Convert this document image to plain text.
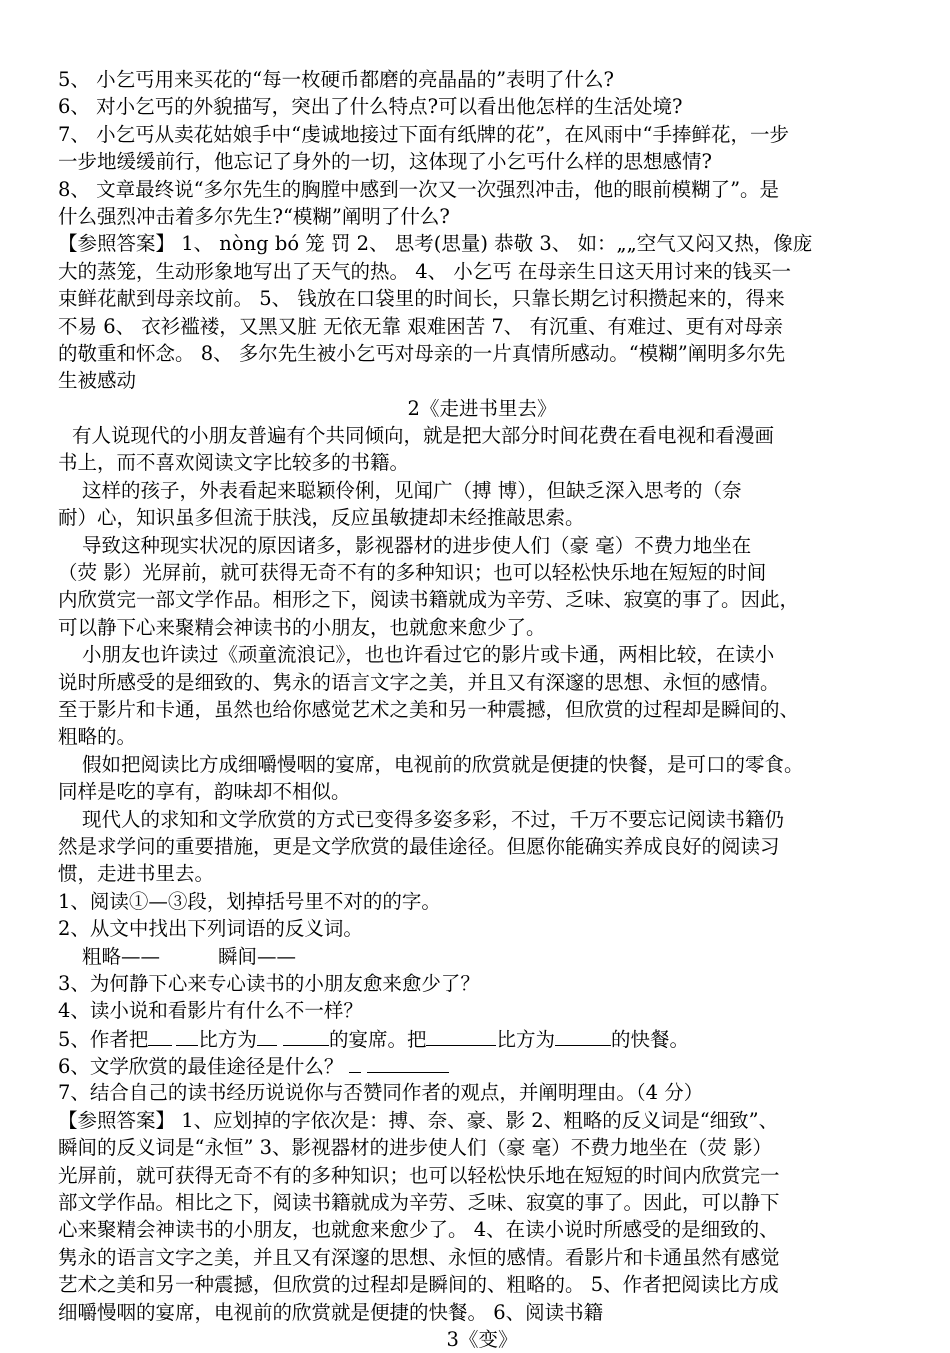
5、 小乞丐用来买花的“每一枚硬币都磨的亮晶晶的”表明了什么?
6、 对小乞丐的外貌描写，突出了什么特点?可以看出他怎样的生活处境?
7、 小乞丐从卖花姑娘手中“虔诚地接过下面有纸牌的花”，在风雨中“手捧鲜花，一步
一步地缓缓前行，他忘记了身外的一切，这体现了小乞丐什么样的思想感情?
8、 文章最终说“多尔先生的胸膛中感到一次又一次强烈冲击，他的眼前模糊了”。是
什么强烈冲击着多尔先生?“模糊”阐明了什么?
【参照答案】 1、 nòng bó 笼 罚 2、 思考(思量) 恭敬 3、 如：„„空气又闷又热，像庞
大的蒸笼，生动形象地写出了天气的热。 4、 小乞丐 在母亲生日这天用讨来的钱买一
束鲜花献到母亲坟前。 5、 钱放在口袋里的时间长，只靠长期乞讨积攒起来的，得来
不易 6、 衣衫褴褛，又黑又脏 无依无靠 艰难困苦 7、 有沉重、有难过、更有对母亲
的敬重和怀念。 8、 多尔先生被小乞丐对母亲的一片真情所感动。“模糊”阐明多尔先
生被感动
2《走进书里去》
有人说现代的小朋友普遍有个共同倾向，就是把大部分时间花费在看电视和看漫画
书上，而不喜欢阅读文字比较多的书籍。
这样的孩子，外表看起来聪颖伶俐，见闻广（搏 博），但缺乏深入思考的（奈
耐）心，知识虽多但流于肤浅，反应虽敏捷却未经推敲思索。
导致这种现实状况的原因诸多，影视器材的进步使人们（豪 毫）不费力地坐在
（荧 影）光屏前，就可获得无奇不有的多种知识；也可以轻松快乐地在短短的时间
内欣赏完一部文学作品。相形之下，阅读书籍就成为辛劳、乏味、寂寞的事了。因此，
可以静下心来聚精会神读书的小朋友，也就愈来愈少了。
小朋友也许读过《顽童流浪记》，也也许看过它的影片或卡通，两相比较，在读小
说时所感受的是细致的、隽永的语言文字之美，并且又有深邃的思想、永恒的感情。
至于影片和卡通，虽然也给你感觉艺术之美和另一种震撼，但欣赏的过程却是瞬间的、
粗略的。
假如把阅读比方成细嚼慢咽的宴席，电视前的欣赏就是便捷的快餐，是可口的零食。
同样是吃的享有，韵味却不相似。
现代人的求知和文学欣赏的方式已变得多姿多彩，不过，千万不要忘记阅读书籍仍
然是求学问的重要措施，更是文学欣赏的最佳途径。但愿你能确实养成良好的阅读习
惯，走进书里去。
1、阅读①—③段，划掉括号里不对的的字。
2、从文中找出下列词语的反义词。
粗略——	瞬间——
3、为何静下心来专心读书的小朋友愈来愈少了？
4、读小说和看影片有什么不一样？
5、作者把	比方为	的宴席。把	比方为	的快餐。
6、文学欣赏的最佳途径是什么？
7、结合自己的读书经历说说你与否赞同作者的观点，并阐明理由。（4 分）
【参照答案】 1、应划掉的字依次是：搏、奈、豪、影 2、粗略的反义词是“细致”、
瞬间的反义词是“永恒” 3、影视器材的进步使人们（豪 毫）不费力地坐在（荧 影）
光屏前，就可获得无奇不有的多种知识；也可以轻松快乐地在短短的时间内欣赏完一
部文学作品。相比之下，阅读书籍就成为辛劳、乏味、寂寞的事了。因此，可以静下
心来聚精会神读书的小朋友，也就愈来愈少了。 4、在读小说时所感受的是细致的、
隽永的语言文字之美，并且又有深邃的思想、永恒的感情。看影片和卡通虽然有感觉
艺术之美和另一种震撼，但欣赏的过程却是瞬间的、粗略的。 5、作者把阅读比方成
细嚼慢咽的宴席，电视前的欣赏就是便捷的快餐。 6、阅读书籍
3《变》
